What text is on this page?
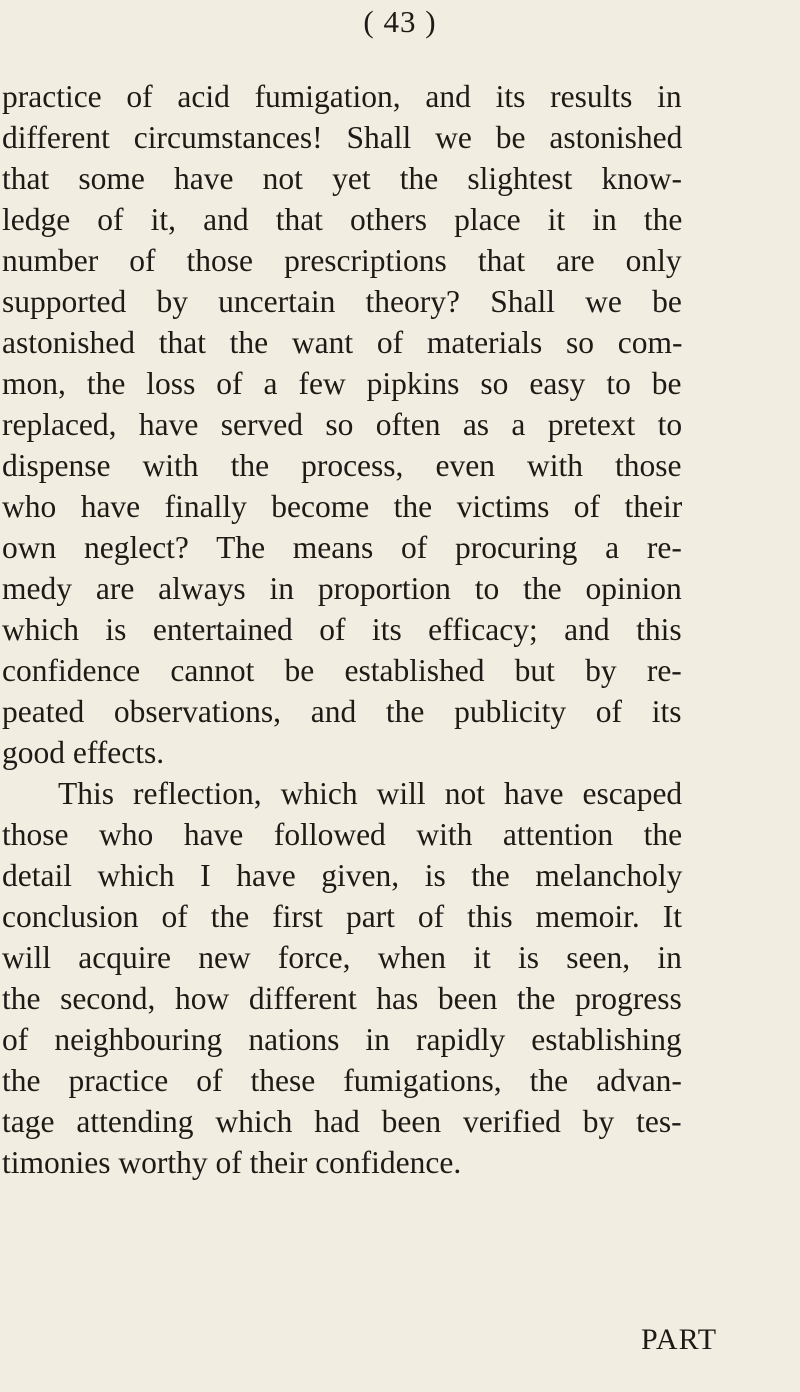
( 43 )
practice of acid fumigation, and its results in
different circumstances! Shall we be astonished
that some have not yet the slightest know-
ledge of it, and that others place it in the
number of those prescriptions that are only
supported by uncertain theory? Shall we be
astonished that the want of materials so com-
mon, the loss of a few pipkins so easy to be
replaced, have served so often as a pretext to
dispense with the process, even with those
who have finally become the victims of their
own neglect? The means of procuring a re-
medy are always in proportion to the opinion
which is entertained of its efficacy; and this
confidence cannot be established but by re-
peated observations, and the publicity of its
good effects.
This reflection, which will not have escaped
those who have followed with attention the
detail which I have given, is the melancholy
conclusion of the first part of this memoir. It
will acquire new force, when it is seen, in
the second, how different has been the progress
of neighbouring nations in rapidly establishing
the practice of these fumigations, the advan-
tage attending which had been verified by tes-
timonies worthy of their confidence.
PART
